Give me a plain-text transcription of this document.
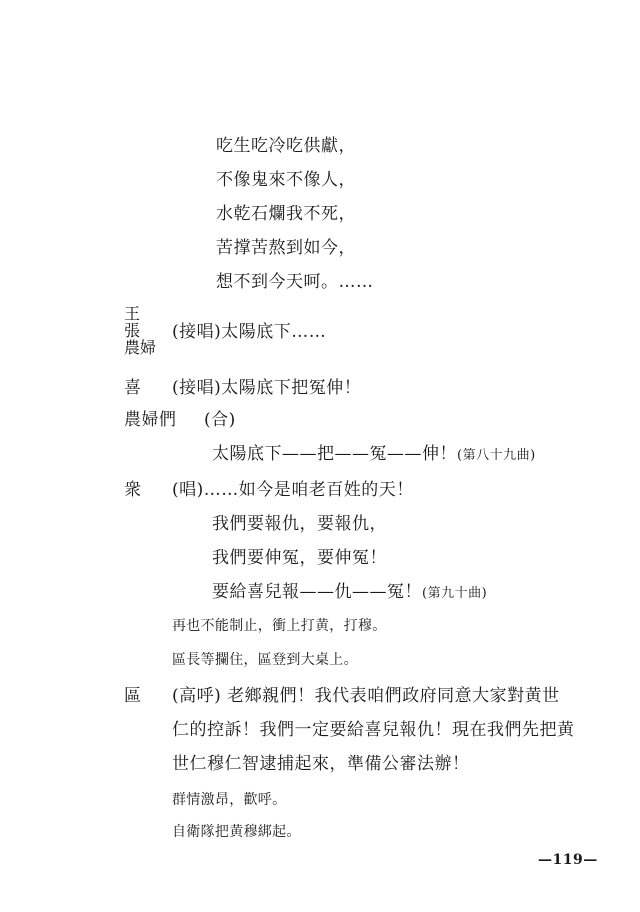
吃生吃冷吃供獻，
不像鬼來不像人，
水乾石爛我不死，
苦撑苦熬到如今，
想不到今天呵。……
王
張
農婦
(接唱)太陽底下……
喜 (接唱)太陽底下把冤伸！
農婦們 (合)
太陽底下——把——冤——伸！(第八十九曲)
衆 (唱)……如今是咱老百姓的天！
我們要報仇，要報仇，
我們要伸冤，要伸冤！
要給喜兒報——仇——冤！(第九十曲)
再也不能制止，衝上打黄，打穆。
區長等攔住，區登到大桌上。
區 (高呼) 老鄉親們！我代表咱們政府同意大家對黄世
仁的控訴！我們一定要給喜兒報仇！現在我們先把黄
世仁穆仁智逮捕起來，準備公審法辦！
群情激昂，歡呼。
自衛隊把黄穆綁起。
—119—
